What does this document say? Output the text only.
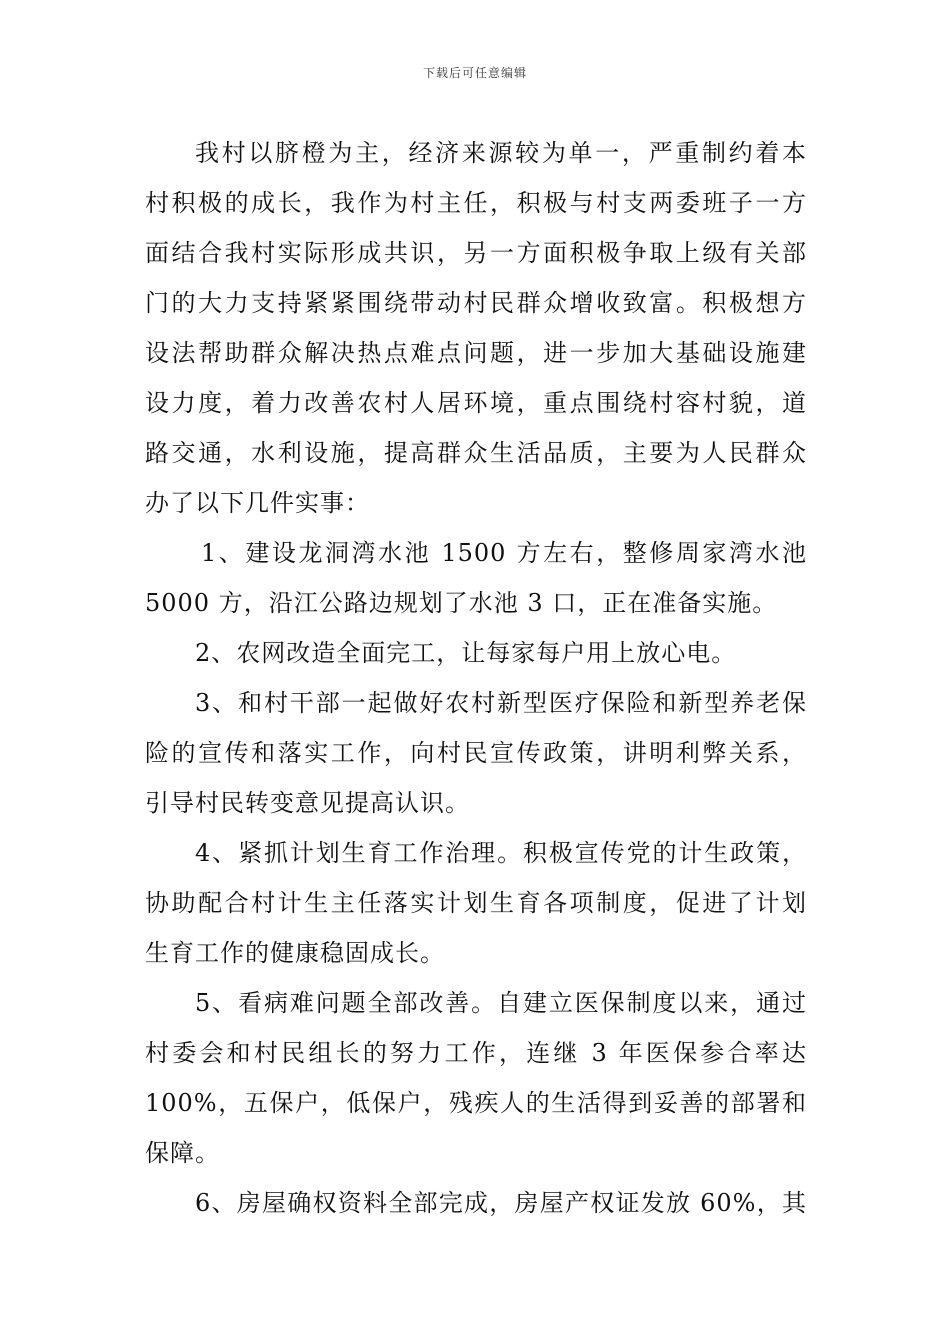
下载后可任意编辑
我村以脐橙为主，经济来源较为单一，严重制约着本
村积极的成长，我作为村主任，积极与村支两委班子一方
面结合我村实际形成共识，另一方面积极争取上级有关部
门的大力支持紧紧围绕带动村民群众增收致富。积极想方
设法帮助群众解决热点难点问题，进一步加大基础设施建
设力度，着力改善农村人居环境，重点围绕村容村貌，道
路交通，水利设施，提高群众生活品质，主要为人民群众
办了以下几件实事：
1、建设龙洞湾水池 1500 方左右，整修周家湾水池
5000 方，沿江公路边规划了水池 3 口，正在准备实施。
2、农网改造全面完工，让每家每户用上放心电。
3、和村干部一起做好农村新型医疗保险和新型养老保
险的宣传和落实工作，向村民宣传政策，讲明利弊关系，
引导村民转变意见提高认识。
4、紧抓计划生育工作治理。积极宣传党的计生政策，
协助配合村计生主任落实计划生育各项制度，促进了计划
生育工作的健康稳固成长。
5、看病难问题全部改善。自建立医保制度以来，通过
村委会和村民组长的努力工作，连继 3 年医保参合率达
100%，五保户，低保户，残疾人的生活得到妥善的部署和
保障。
6、房屋确权资料全部完成，房屋产权证发放 60%，其
